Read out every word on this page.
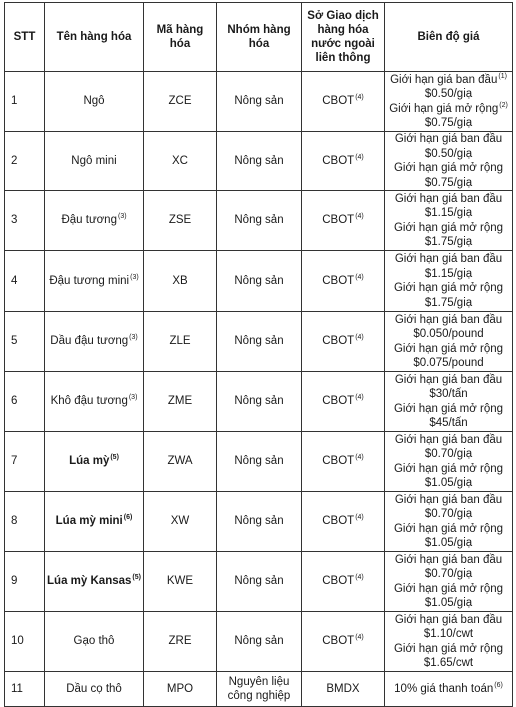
STT	Tên hàng hóa	Mã hàng hóa	Nhóm hàng hóa	Sở Giao dịch hàng hóa nước ngoài liên thông	Biên độ giá
1	Ngô	ZCE	Nông sản	CBOT$^{(4)}$	Giới hạn giá ban đầu$^{(1)}$
$0.50/giạ
Giới hạn giá mở rộng$^{(2)}$
$0.75/giạ

2	Ngô mini	XC	Nông sản	CBOT$^{(4)}$	Giới hạn giá ban đầu
$0.50/giạ
Giới hạn giá mở rộng
$0.75/giạ

3	Đậu tương$^{(3)}$	ZSE	Nông sản	CBOT$^{(4)}$	Giới hạn giá ban đầu
$1.15/giạ
Giới hạn giá mở rộng
$1.75/giạ

4	Đậu tương mini$^{(3)}$	XB	Nông sản	CBOT$^{(4)}$	Giới hạn giá ban đầu
$1.15/giạ
Giới hạn giá mở rộng
$1.75/giạ

5	Dầu đậu tương$^{(3)}$	ZLE	Nông sản	CBOT$^{(4)}$	Giới hạn giá ban đầu
$0.050/pound
Giới hạn giá mở rộng
$0.075/pound

6	Khô đậu tương$^{(3)}$	ZME	Nông sản	CBOT$^{(4)}$	Giới hạn giá ban đầu
$30/tấn
Giới hạn giá mở rộng
$45/tấn

7	Lúa mỳ$^{(5)}$	ZWA	Nông sản	CBOT$^{(4)}$	Giới hạn giá ban đầu
$0.70/giạ
Giới hạn giá mở rộng
$1.05/giạ

8	Lúa mỳ mini$^{(6)}$	XW	Nông sản	CBOT$^{(4)}$	Giới hạn giá ban đầu
$0.70/giạ
Giới hạn giá mở rộng
$1.05/giạ

9	Lúa mỳ Kansas$^{(5)}$	KWE	Nông sản	CBOT$^{(4)}$	Giới hạn giá ban đầu
$0.70/giạ
Giới hạn giá mở rộng
$1.05/giạ

10	Gạo thô	ZRE	Nông sản	CBOT$^{(4)}$	Giới hạn giá ban đầu
$1.10/cwt
Giới hạn giá mở rộng
$1.65/cwt

11	Dầu cọ thô	MPO	Nguyên liệu công nghiệp	BMDX	10% giá thanh toán$^{(6)}$
